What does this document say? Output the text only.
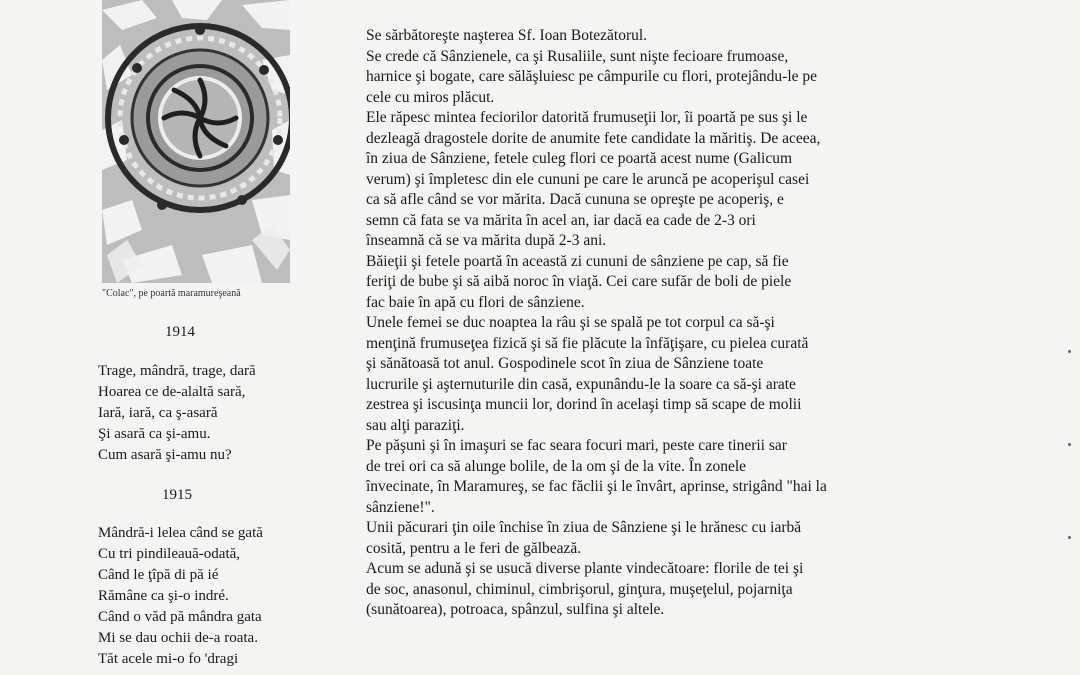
"Colac", pe poartă maramureşeană
1914
Trage, mândră, trage, dară
Hoarea ce de-alaltă sară,
Iară, iară, ca ş-asară
Şi asară ca şi-amu.
Cum asară şi-amu nu?
1915
Mândră-i lelea când se gată
Cu tri pindileauă-odată,
Când le ţîpă di pă ié
Rămâne ca şi-o indré.
Când o văd pă mândra gata
Mi se dau ochii de-a roata.
Tăt acele mi-o fo 'dragi

Se sărbătoreşte naşterea Sf. Ioan Botezătorul.

Se crede că Sânzienele, ca şi Rusaliile, sunt nişte fecioare frumoase,
harnice şi bogate, care sălăşluiesc pe câmpurile cu flori, protejându-le pe
cele cu miros plăcut.

Ele răpesc mintea feciorilor datorită frumuseţii lor, îi poartă pe sus şi le
dezleagă dragostele dorite de anumite fete candidate la măritiş. De aceea,
în ziua de Sânziene, fetele culeg flori ce poartă acest nume (Galicum
verum) şi împletesc din ele cununi pe care le aruncă pe acoperişul casei
ca să afle când se vor mărita. Dacă cununa se opreşte pe acoperiş, e
semn că fata se va mărita în acel an, iar dacă ea cade de 2-3 ori
înseamnă că se va mărita după 2-3 ani.

Băieţii şi fetele poartă în această zi cununi de sânziene pe cap, să fie
feriţi de bube şi să aibă noroc în viaţă. Cei care sufăr de boli de piele
fac baie în apă cu flori de sânziene.

Unele femei se duc noaptea la râu şi se spală pe tot corpul ca să-şi
menţină frumuseţea fizică şi să fie plăcute la înfăţişare, cu pielea curată
şi sănătoasă tot anul. Gospodinele scot în ziua de Sânziene toate
lucrurile şi aşternuturile din casă, expunându-le la soare ca să-şi arate
zestrea şi iscusinţa muncii lor, dorind în acelaşi timp să scape de molii
sau alţi paraziţi.

Pe păşuni şi în imaşuri se fac seara focuri mari, peste care tinerii sar
de trei ori ca să alunge bolile, de la om şi de la vite. În zonele
învecinate, în Maramureş, se fac făclii şi le învârt, aprinse, strigând "hai la
sânziene!".

Unii păcurari ţin oile închise în ziua de Sânziene şi le hrănesc cu iarbă
cosită, pentru a le feri de gălbează.

Acum se adună şi se usucă diverse plante vindecătoare: florile de tei şi
de soc, anasonul, chiminul, cimbrişorul, ginţura, muşeţelul, pojarniţa
(sunătoarea), potroaca, spânzul, sulfina şi altele.
